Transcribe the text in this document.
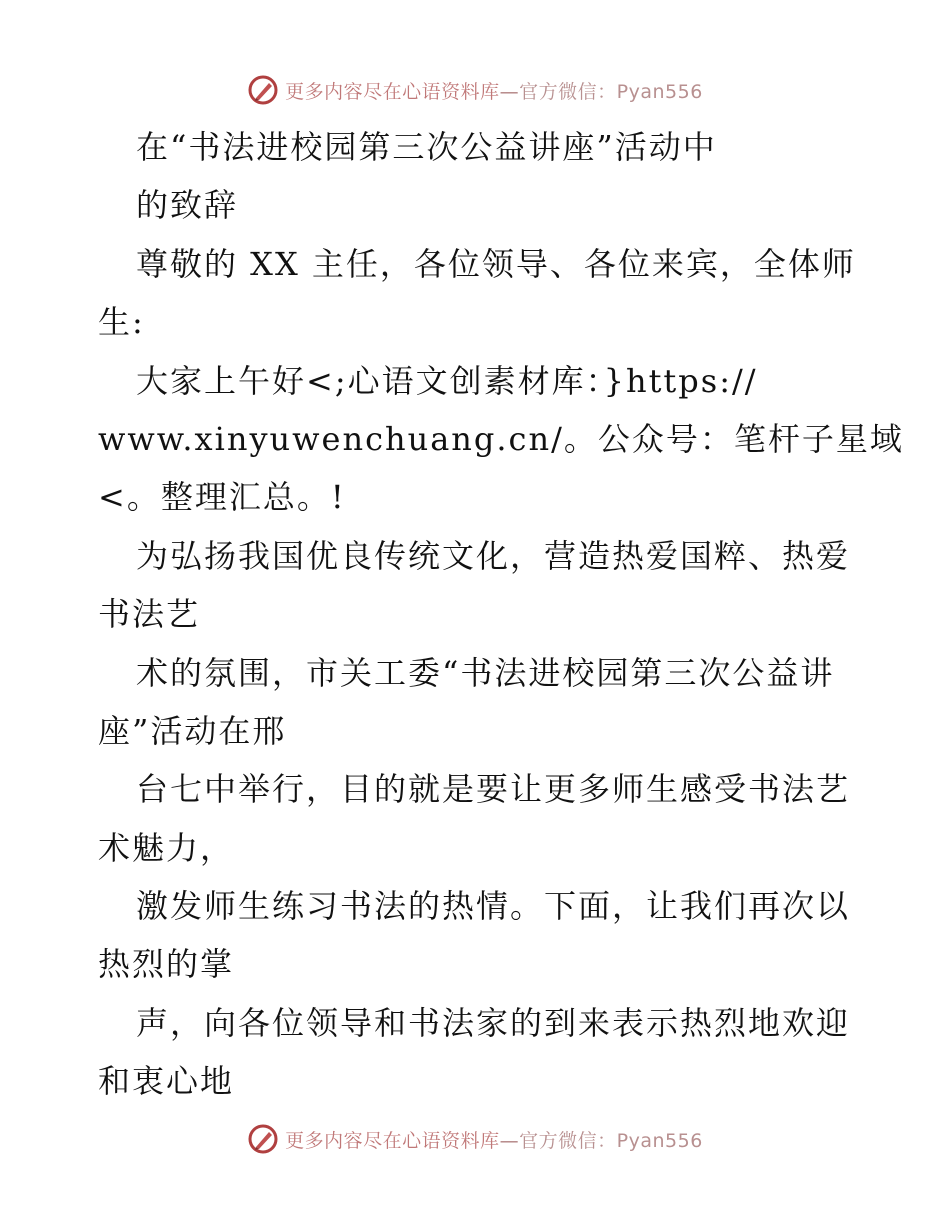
更多内容尽在心语资料库—官方微信：Pyan556
在“书法进校园第三次公益讲座”活动中
的致辞
尊敬的 XX 主任，各位领导、各位来宾，全体师
生:
大家上午好<;心语文创素材库：}https://
www.xinyuwenchuang.cn/。公众号：笔杆子星域
<。整理汇总。!
为弘扬我国优良传统文化，营造热爱国粹、热爱
书法艺
术的氛围，市关工委“书法进校园第三次公益讲
座”活动在邢
台七中举行，目的就是要让更多师生感受书法艺
术魅力，
激发师生练习书法的热情。下面，让我们再次以
热烈的掌
声，向各位领导和书法家的到来表示热烈地欢迎
和衷心地
更多内容尽在心语资料库—官方微信：Pyan556
